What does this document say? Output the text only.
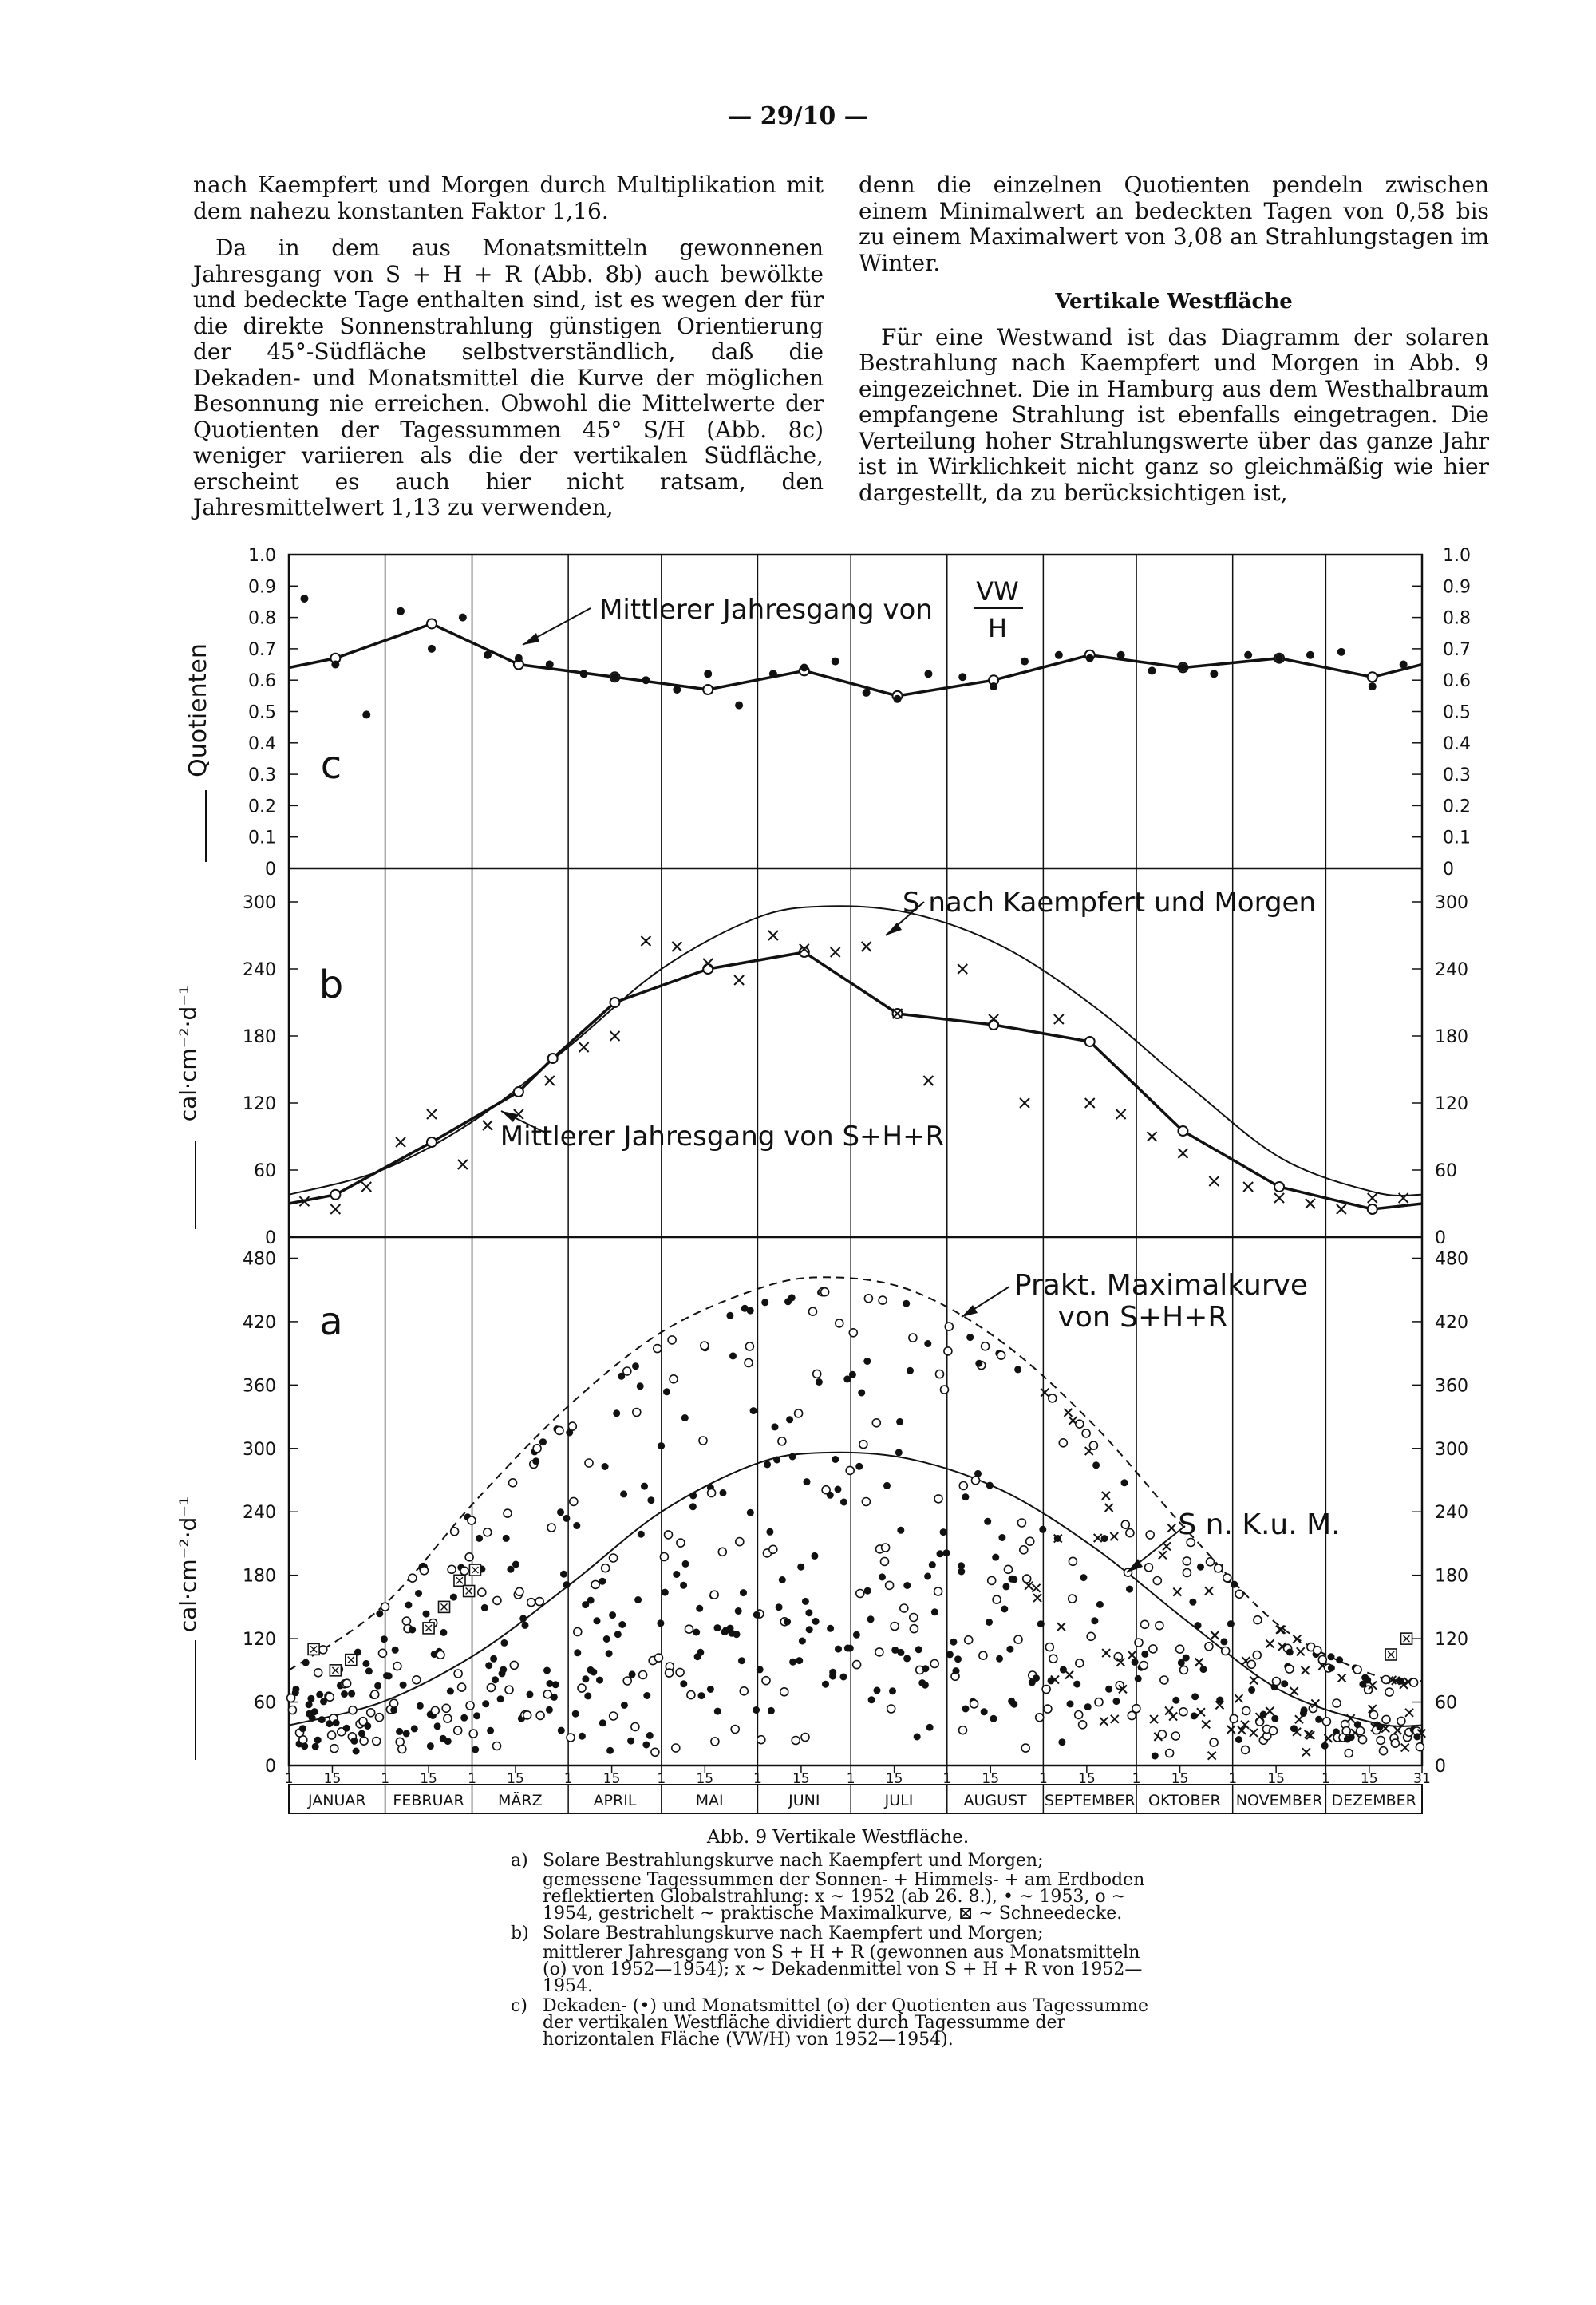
— 29/10 —

nach Kaempfert und Morgen durch Multiplikation mit dem nahezu konstanten Faktor 1,16.

Da in dem aus Monatsmitteln gewonnenen Jahresgang von S + H + R (Abb. 8b) auch bewölkte und bedeckte Tage enthalten sind, ist es wegen der für die direkte Sonnenstrahlung günstigen Orientierung der 45°-Südfläche selbstverständlich, daß die Dekaden- und Monatsmittel die Kurve der möglichen Besonnung nie erreichen. Obwohl die Mittelwerte der Quotienten der Tagessummen 45° S/H (Abb. 8c) weniger variieren als die der vertikalen Südfläche, erscheint es auch hier nicht ratsam, den Jahresmittelwert 1,13 zu verwenden,

denn die einzelnen Quotienten pendeln zwischen einem Minimalwert an bedeckten Tagen von 0,58 bis zu einem Maximalwert von 3,08 an Strahlungstagen im Winter.

Vertikale Westfläche

Für eine Westwand ist das Diagramm der solaren Bestrahlung nach Kaempfert und Morgen in Abb. 9 eingezeichnet. Die in Hamburg aus dem Westhalbraum empfangene Strahlung ist ebenfalls eingetragen. Die Verteilung hoher Strahlungswerte über das ganze Jahr ist in Wirklichkeit nicht ganz so gleichmäßig wie hier dargestellt, da zu berücksichtigen ist,

JANUAR FEBRUAR MÄRZ	APRIL	MAI	JUNI	JULI	AUGUST SEPTEMBER OKTOBER NOVEMBER DEZEMBER
1 15	1 15 1 15	1 15	1 15	1 15	1 15	1 15	1 15	1 15	1 15	1 15	31
0	0
0.1	0.1
0.2	0.2
0.3	0.3
0.4	0.4
0.5	0.5
0.6	0.6
0.7	0.7
0.8	0.8
0.9	0.9
1.0	1.0
Quotienten
Mittlerer Jahresgang von
VW
H
c
0	0
60	60
120	120
180	180
240	240
300	300
cal·cm⁻²·d⁻¹
S nach Kaempfert und Morgen
Mittlerer Jahresgang von S+H+R
b
0	0
60	60
120	120
180	180
240	240
300	300
360	360
420	420
480	480
cal·cm⁻²·d⁻¹
Prakt. Maximalkurve
von S+H+R
S n. K.u. M.
a
Abb. 9 Vertikale Westfläche.
a) Solare Bestrahlungskurve nach Kaempfert und Morgen;
gemessene Tagessummen der Sonnen- + Himmels- + am Erdboden reflektierten Globalstrahlung: x ~ 1952 (ab 26. 8.), • ~ 1953, o ~ 1954, gestrichelt ~ praktische Maximalkurve, ⊠ ~ Schneedecke.
b) Solare Bestrahlungskurve nach Kaempfert und Morgen;
mittlerer Jahresgang von S + H + R (gewonnen aus Monatsmitteln (o) von 1952—1954); x ~ Dekadenmittel von S + H + R von 1952—1954.
c) Dekaden- (•) und Monatsmittel (o) der Quotienten aus Tagessumme der vertikalen Westfläche dividiert durch Tagessumme der horizontalen Fläche (VW/H) von 1952—1954).
